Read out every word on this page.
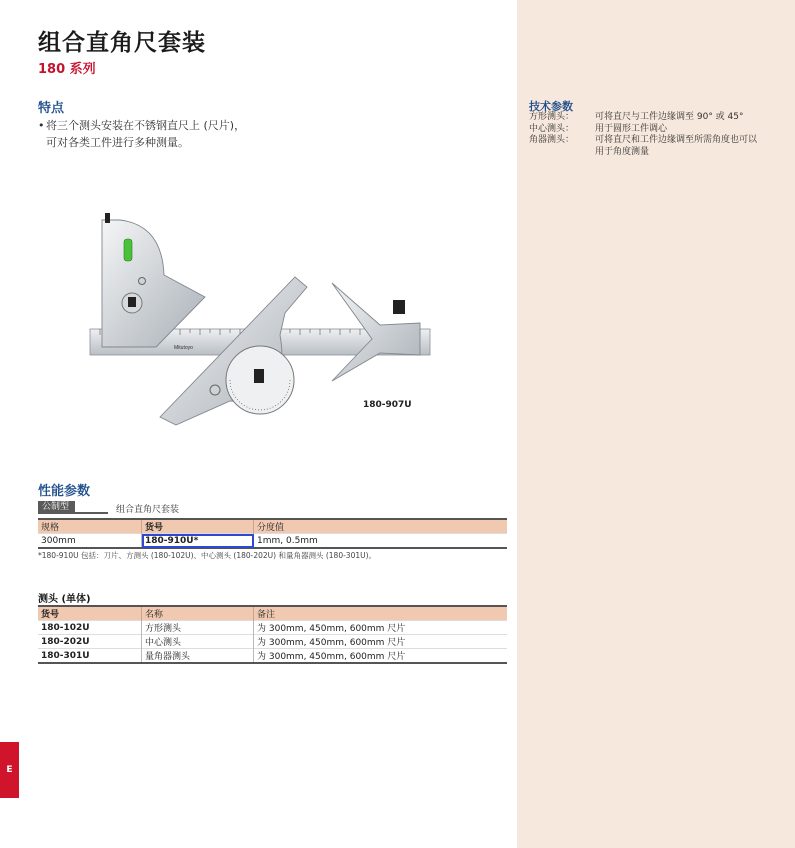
组合直角尺套装
180 系列
特点
• 将三个测头安装在不锈钢直尺上 (尺片)，
可对各类工件进行多种测量。
技术参数
方形测头：	可将直尺与工件边缘调至 90° 或 45°
中心测头：	用于圆形工件调心
角器测头：	可将直尺和工件边缘调至所需角度也可以用于角度测量
Mitutoyo
180-907U
性能参数
公制型	组合直角尺套装
规格	货号	分度值
300mm	180-910U*	1mm, 0.5mm
*180-910U 包括：刀片、方测头 (180-102U)、中心测头 (180-202U) 和量角器测头 (180-301U)。
测头 (单体)
货号	名称	备注
180-102U	方形测头	为 300mm, 450mm, 600mm 尺片
180-202U	中心测头	为 300mm, 450mm, 600mm 尺片
180-301U	量角器测头	为 300mm, 450mm, 600mm 尺片
E
